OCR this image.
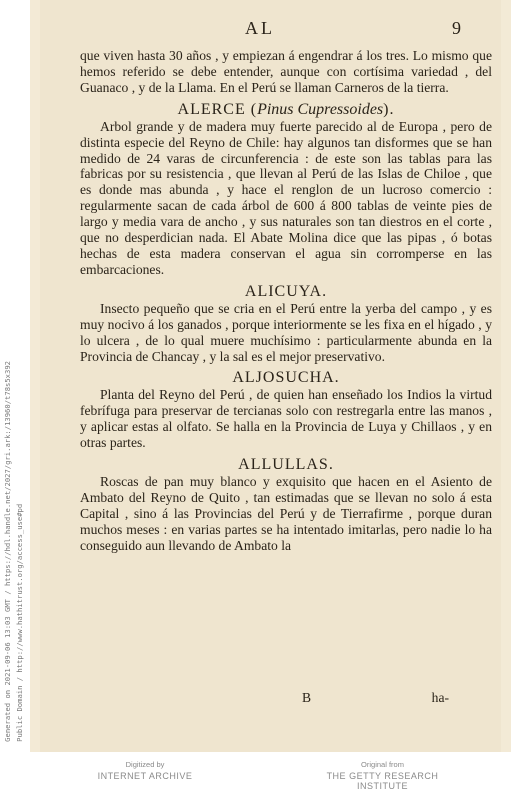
Generated on 2021-09-06 13:03 GMT / https://hdl.handle.net/2027/gri.ark:/13960/t78s5x392 Public Domain / http://www.hathitrust.org/access_use#pd
AL	9

que viven hasta 30 años , y empiezan á engendrar á los tres. Lo mismo que hemos referido se debe entender, aunque con cortísima variedad , del Guanaco , y de la Llama. En el Perú se llaman Carneros de la tierra.

ALERCE (Pinus Cupressoides).

Arbol grande y de madera muy fuerte parecido al de Europa , pero de distinta especie del Reyno de Chile: hay algunos tan disformes que se han medido de 24 varas de circunferencia : de este son las tablas para las fabricas por su resistencia , que llevan al Perú de las Islas de Chiloe , que es donde mas abunda , y hace el renglon de un lucroso comercio : regularmente sacan de cada árbol de 600 á 800 tablas de veinte pies de largo y media vara de ancho , y sus naturales son tan diestros en el corte , que no desperdician nada. El Abate Molina dice que las pipas , ó botas hechas de esta madera conservan el agua sin corromperse en las embarcaciones.

ALICUYA.

Insecto pequeño que se cria en el Perú entre la yerba del campo , y es muy nocivo á los ganados , porque interiormente se les fixa en el hígado , y lo ulcera , de lo qual muere muchísimo : particularmente abunda en la Provincia de Chancay , y la sal es el mejor preservativo.

ALJOSUCHA.

Planta del Reyno del Perú , de quien han enseñado los Indios la virtud febrífuga para preservar de tercianas solo con restregarla entre las manos , y aplicar estas al olfato. Se halla en la Provincia de Luya y Chillaos , y en otras partes.

ALLULLAS.

Roscas de pan muy blanco y exquisito que hacen en el Asiento de Ambato del Reyno de Quito , tan estimadas que se llevan no solo á esta Capital , sino á las Provincias del Perú y de Tierrafirme , porque duran muchos meses : en varias partes se ha intentado imitarlas, pero nadie lo ha conseguido aun llevando de Ambato la

B	ha-
Digitized by
INTERNET ARCHIVE
Original from
THE GETTY RESEARCH INSTITUTE
